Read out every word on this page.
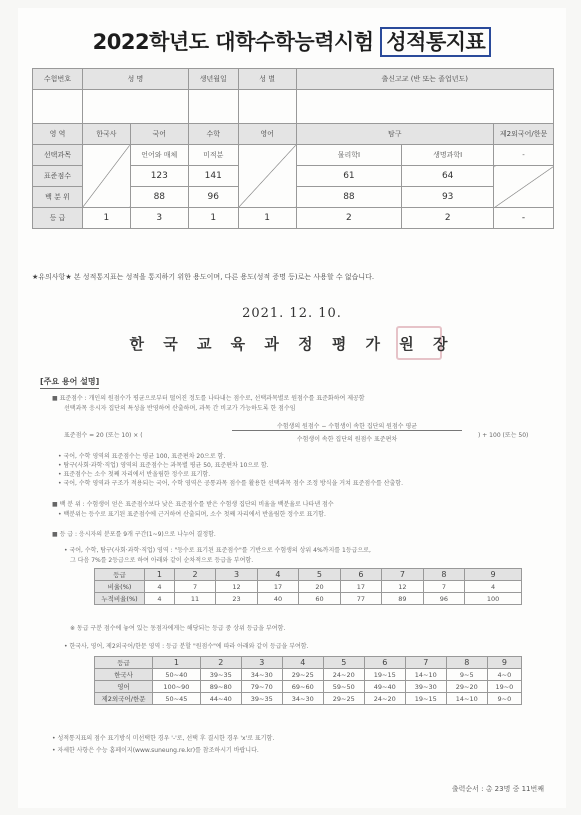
2022학년도 대학수학능력시험 성적통지표
수험번호	성 명		생년월일	성 별	출신고교 (반 또는 졸업년도)		

영 역	한국사	국어	수학	영어	탐구		제2외국어/한문
선택과목		언어와 매체	미적분		물리학Ⅰ	생명과학Ⅰ	-
표준점수		123	141		61	64	
백 분 위		88	96		88	93	
등 급	1	3	1	1	2	2	-
★유의사항★ 본 성적통지표는 성적을 통지하기 위한 용도이며, 다른 용도(성적 증명 등)로는 사용할 수 없습니다.
2021. 12. 10.
한 국 교 육 과 정 평 가 원 장
[주요 용어 설명]
■ 표준점수 : 개인의 원점수가 평균으로부터 떨어진 정도를 나타내는 점수로, 선택과목별로 원점수를 표준화하여 제공함
선택과목 응시자 집단의 특성을 반영하여 산출하며, 과목 간 비교가 가능하도록 한 점수임
표준점수 = 20 (또는 10) × (
수험생의 원점수 − 수험생이 속한 집단의 원점수 평균
수험생이 속한 집단의 원점수 표준편차
) + 100 (또는 50)
• 국어, 수학 영역의 표준점수는 평균 100, 표준편차 20으로 함.
• 탐구(사회·과학·직업) 영역의 표준점수는 과목별 평균 50, 표준편차 10으로 함.
• 표준점수는 소수 첫째 자리에서 반올림한 정수로 표기함.
• 국어, 수학 영역과 구조가 적용되는 국어, 수학 영역은 공통과목 점수를 활용한 선택과목 점수 조정 방식을 거쳐 표준점수를 산출함.
■ 백 분 위 : 수험생이 얻은 표준점수보다 낮은 표준점수를 받은 수험생 집단의 비율을 백분율로 나타낸 점수
• 백분위는 등수로 표기된 표준점수에 근거하여 산출되며, 소수 첫째 자리에서 반올림한 정수로 표기함.
■ 등 급 : 응시자의 분포를 9개 구간(1~9)으로 나누어 결정함.
• 국어, 수학, 탐구(사회·과학·직업) 영역 : "등수로 표기된 표준점수"를 기반으로 수험생의 상위 4%까지를 1등급으로,
그 다음 7%를 2등급으로 하여 아래와 같이 순차적으로 등급을 부여함.
등급	1	2	3	4	5	6	7	8	9
비율(%)	4	7	12	17	20	17	12	7	4
누적비율(%)	4	11	23	40	60	77	89	96	100
※ 동급 구분 점수에 놓여 있는 동점자에게는 해당되는 등급 중 상위 등급을 부여함.
• 한국사, 영어, 제2외국어/한문 영역 : 등급 분할 "원점수"에 따라 아래와 같이 등급을 부여함.
등급	1	2	3	4	5	6	7	8	9
한국사	50~40	39~35	34~30	29~25	24~20	19~15	14~10	9~5	4~0
영어	100~90	89~80	79~70	69~60	59~50	49~40	39~30	29~20	19~0
제2외국어/한문	50~45	44~40	39~35	34~30	29~25	24~20	19~15	14~10	9~0
• 성적통지표의 점수 표기방식 미선택한 경우 '-'로, 선택 후 결시한 경우 'x'로 표기함.
• 자세한 사항은 수능 홈페이지(www.suneung.re.kr)를 참조하시기 바랍니다.
출력순서 : 총 23명 중 11번째
